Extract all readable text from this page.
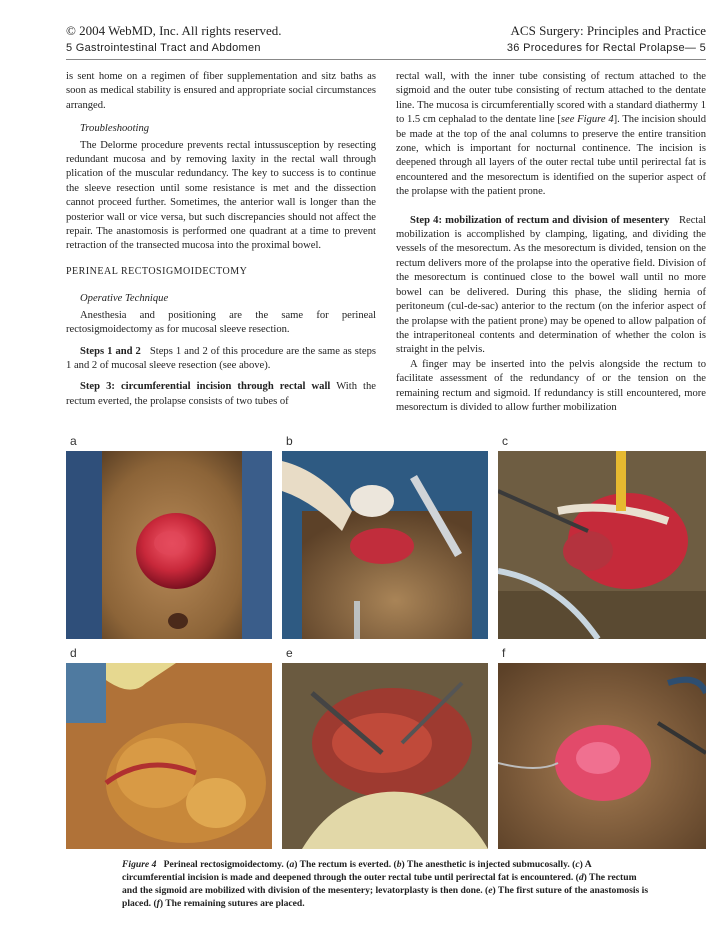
© 2004 WebMD, Inc. All rights reserved.
5 Gastrointestinal Tract and Abdomen
ACS Surgery: Principles and Practice
36 Procedures for Rectal Prolapse— 5

is sent home on a regimen of fiber supplementation and sitz baths as soon as medical stability is ensured and appropriate social circumstances arranged.

Troubleshooting

The Delorme procedure prevents rectal intussusception by resecting redundant mucosa and by removing laxity in the rectal wall through plication of the muscular redundancy. The key to success is to continue the sleeve resection until some resistance is met and the dissection cannot proceed further. Sometimes, the anterior wall is longer than the posterior wall or vice versa, but such discrepancies should not affect the repair. The anastomosis is performed one quadrant at a time to prevent retraction of the transected mucosa into the proximal bowel.

PERINEAL RECTOSIGMOIDECTOMY

Operative Technique

Anesthesia and positioning are the same for perineal rectosigmoidectomy as for mucosal sleeve resection.

Steps 1 and 2 Steps 1 and 2 of this procedure are the same as steps 1 and 2 of mucosal sleeve resection (see above).

Step 3: circumferential incision through rectal wall With the rectum everted, the prolapse consists of two tubes of

rectal wall, with the inner tube consisting of rectum attached to the sigmoid and the outer tube consisting of rectum attached to the dentate line. The mucosa is circumferentially scored with a standard diathermy 1 to 1.5 cm cephalad to the dentate line [see Figure 4]. The incision should be made at the top of the anal columns to preserve the entire transition zone, which is important for nocturnal continence. The incision is deepened through all layers of the outer rectal tube until perirectal fat is encountered and the mesorectum is identified on the superior aspect of the prolapse with the patient prone.

Step 4: mobilization of rectum and division of mesentery Rectal mobilization is accomplished by clamping, ligating, and dividing the vessels of the mesorectum. As the mesorectum is divided, tension on the rectum delivers more of the prolapse into the operative field. Division of the mesorectum is continued close to the bowel wall until no more bowel can be delivered. During this phase, the sliding hernia of peritoneum (cul-de-sac) anterior to the rectum (on the inferior aspect of the prolapse with the patient prone) may be opened to allow palpation of the intraperitoneal contents and determination of whether the colon is straight in the pelvis.

A finger may be inserted into the pelvis alongside the rectum to facilitate assessment of the redundancy of or the tension on the remaining rectum and sigmoid. If redundancy is still encountered, more mesorectum is divided to allow further mobilization

a	b	c
d	e	f
Figure 4 Perineal rectosigmoidectomy. (a) The rectum is everted. (b) The anesthetic is injected submucosally. (c) A circumferential incision is made and deepened through the outer rectal tube until perirectal fat is encountered. (d) The rectum and the sigmoid are mobilized with division of the mesentery; levatorplasty is then done. (e) The first suture of the anastomosis is placed. (f) The remaining sutures are placed.
